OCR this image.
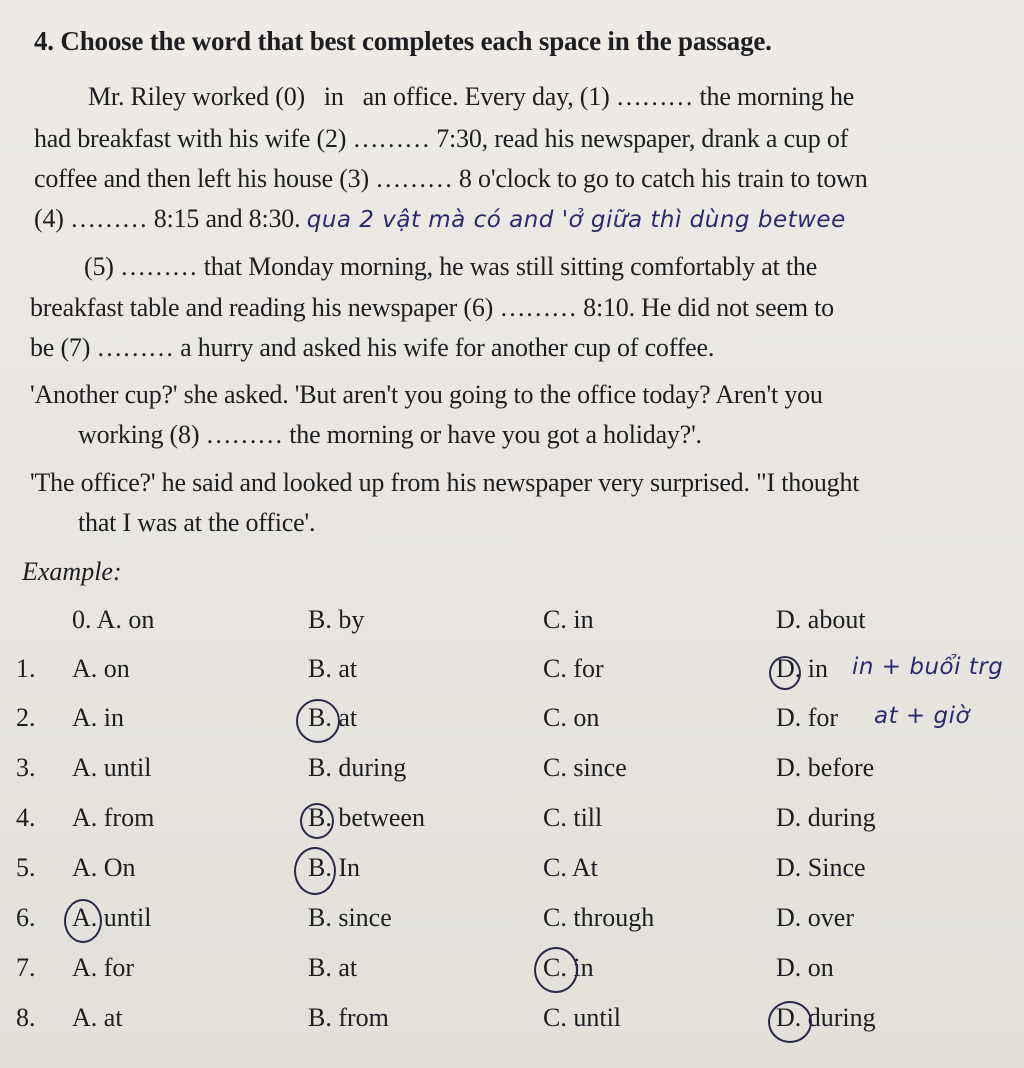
4. Choose the word that best completes each space in the passage.
Mr. Riley worked (0)   in   an office. Every day, (1) ……… the morning he
had breakfast with his wife (2) ……… 7:30, read his newspaper, drank a cup of
coffee and then left his house (3) ……… 8 o'clock to go to catch his train to town
(4) ……… 8:15 and 8:30. qua 2 vật mà có and 'ở giữa thì dùng betwee
(5) ……… that Monday morning, he was still sitting comfortably at the
breakfast table and reading his newspaper (6) ……… 8:10. He did not seem to
be (7) ……… a hurry and asked his wife for another cup of coffee.
'Another cup?' she asked. 'But aren't you going to the office today? Aren't you
working (8) ……… the morning or have you got a holiday?'.
'The office?' he said and looked up from his newspaper very surprised. "I thought
that I was at the office'.
Example:
0. A. on	B. by	C. in	D. about
1. A. on	B. at	C. for	D. in in + buổi trg
2. A. in	B. at	C. on	D. for at + giờ
3. A. until	B. during	C. since	D. before
4. A. from	B. between	C. till	D. during
5. A. On	B. In	C. At	D. Since
6. A. until	B. since	C. through	D. over
7. A. for	B. at	C. in	D. on
8. A. at	B. from	C. until	D. during
